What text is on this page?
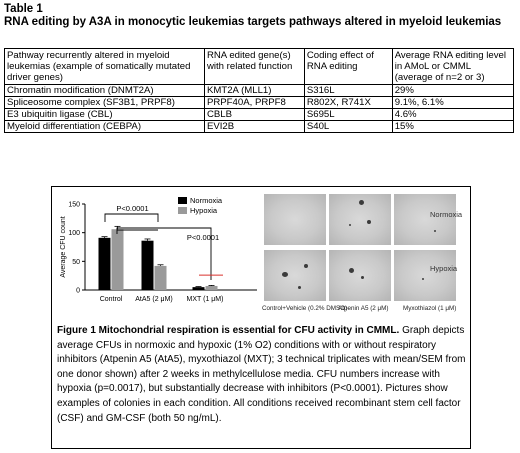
Table 1
RNA editing by A3A in monocytic leukemias targets pathways altered in myeloid leukemias
Pathway recurrently altered in myeloid leukemias (example of somatically mutated driver genes)	RNA edited gene(s) with related function	Coding effect of RNA editing	Average RNA editing level in AMoL or CMML (average of n=2 or 3)
Chromatin modification (DNMT2A)	KMT2A (MLL1)	S316L	29%
Spliceosome complex (SF3B1, PRPF8)	PRPF40A, PRPF8	R802X, R741X	9.1%, 6.1%
E3 ubiquitin ligase (CBL)	CBLB	S695L	4.6%
Myeloid differentiation (CEBPA)	EVI2B	S40L	15%
0
50
100
150
Average CFU count
Control AtA5 (2 μM) MXT (1 μM)
P<0.0001
P<0.0001
Normoxia
Hypoxia	Normoxia
Hypoxia
Control+Vehicle (0.2% DMSO)
Atpenin A5 (2 μM) Myxothiazol (1 μM)
Figure 1 Mitochondrial respiration is essential for CFU activity in CMML. Graph depicts average CFUs in normoxic and hypoxic (1% O2) conditions with or without respiratory inhibitors (Atpenin A5 (AtA5), myxothiazol (MXT); 3 technical triplicates with mean/SEM from one donor shown) after 2 weeks in methylcellulose media. CFU numbers increase with hypoxia (p=0.0017), but substantially decrease with inhibitors (P<0.0001). Pictures show examples of colonies in each condition. All conditions received recombinant stem cell factor (CSF) and GM-CSF (both 50 ng/mL).
